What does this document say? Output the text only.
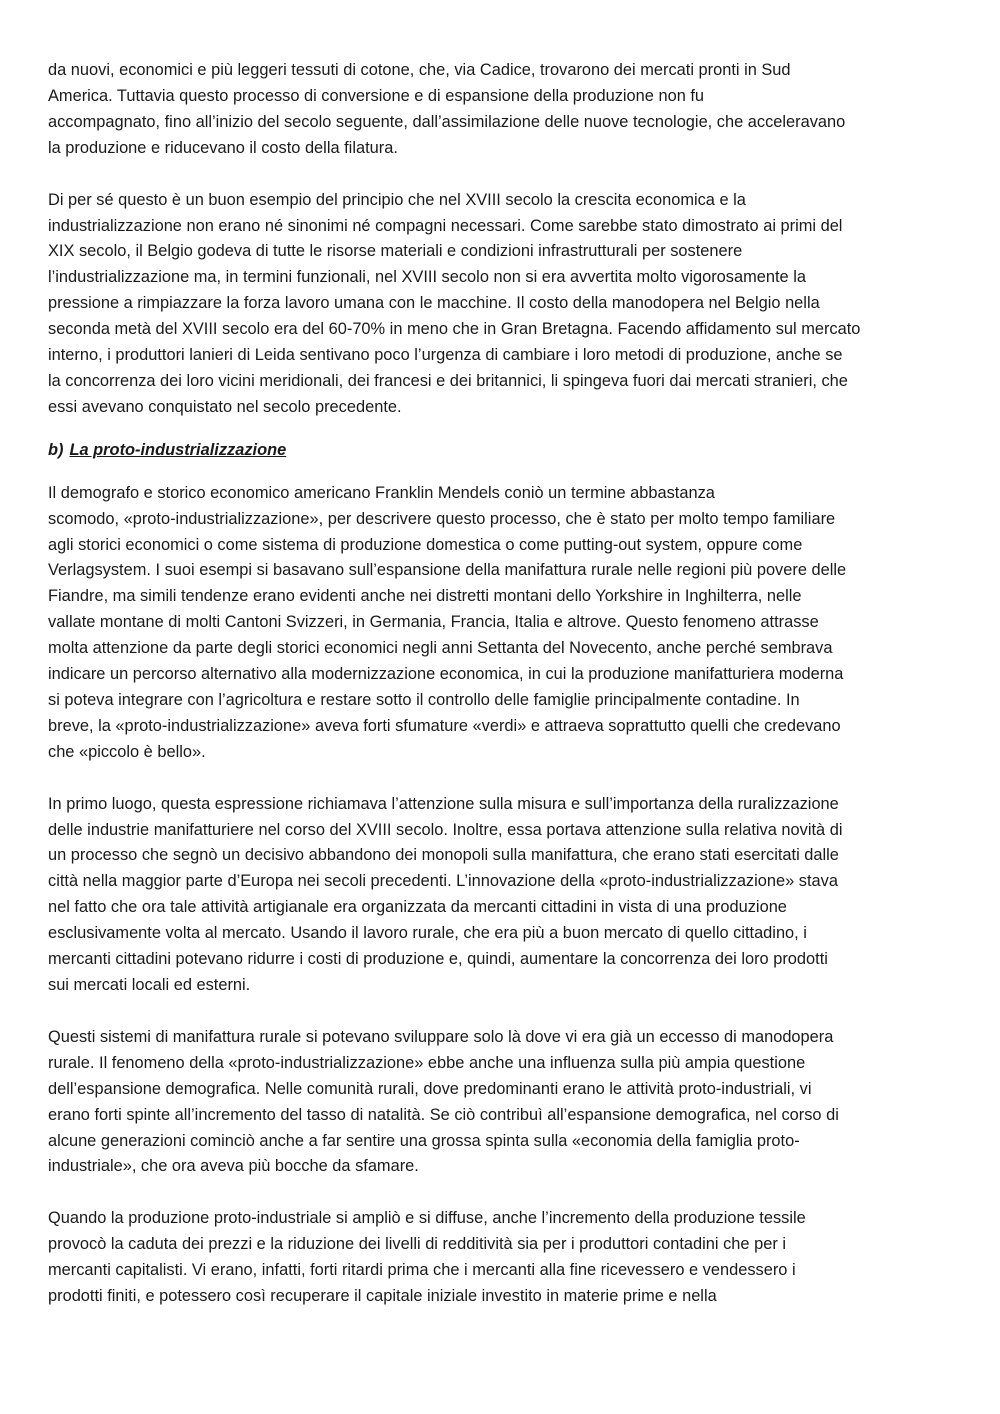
da nuovi, economici e più leggeri tessuti di cotone, che, via Cadice, trovarono dei mercati pronti in Sud
America. Tuttavia questo processo di conversione e di espansione della produzione non fu
accompagnato, fino all’inizio del secolo seguente, dall’assimilazione delle nuove tecnologie, che acceleravano
la produzione e riducevano il costo della filatura.

Di per sé questo è un buon esempio del principio che nel XVIII secolo la crescita economica e la
industrializzazione non erano né sinonimi né compagni necessari. Come sarebbe stato dimostrato ai primi del
XIX secolo, il Belgio godeva di tutte le risorse materiali e condizioni infrastrutturali per sostenere
l’industrializzazione ma, in termini funzionali, nel XVIII secolo non si era avvertita molto vigorosamente la
pressione a rimpiazzare la forza lavoro umana con le macchine. Il costo della manodopera nel Belgio nella
seconda metà del XVIII secolo era del 60-70% in meno che in Gran Bretagna. Facendo affidamento sul mercato
interno, i produttori lanieri di Leida sentivano poco l’urgenza di cambiare i loro metodi di produzione, anche se
la concorrenza dei loro vicini meridionali, dei francesi e dei britannici, li spingeva fuori dai mercati stranieri, che
essi avevano conquistato nel secolo precedente.

b) La proto-industrializzazione

Il demografo e storico economico americano Franklin Mendels coniò un termine abbastanza
scomodo, «proto-industrializzazione», per descrivere questo processo, che è stato per molto tempo familiare
agli storici economici o come sistema di produzione domestica o come putting-out system, oppure come
Verlagsystem. I suoi esempi si basavano sull’espansione della manifattura rurale nelle regioni più povere delle
Fiandre, ma simili tendenze erano evidenti anche nei distretti montani dello Yorkshire in Inghilterra, nelle
vallate montane di molti Cantoni Svizzeri, in Germania, Francia, Italia e altrove. Questo fenomeno attrasse
molta attenzione da parte degli storici economici negli anni Settanta del Novecento, anche perché sembrava
indicare un percorso alternativo alla modernizzazione economica, in cui la produzione manifatturiera moderna
si poteva integrare con l’agricoltura e restare sotto il controllo delle famiglie principalmente contadine. In
breve, la «proto-industrializzazione» aveva forti sfumature «verdi» e attraeva soprattutto quelli che credevano
che «piccolo è bello».

In primo luogo, questa espressione richiamava l’attenzione sulla misura e sull’importanza della ruralizzazione
delle industrie manifatturiere nel corso del XVIII secolo. Inoltre, essa portava attenzione sulla relativa novità di
un processo che segnò un decisivo abbandono dei monopoli sulla manifattura, che erano stati esercitati dalle
città nella maggior parte d’Europa nei secoli precedenti. L’innovazione della «proto-industrializzazione» stava
nel fatto che ora tale attività artigianale era organizzata da mercanti cittadini in vista di una produzione
esclusivamente volta al mercato. Usando il lavoro rurale, che era più a buon mercato di quello cittadino, i
mercanti cittadini potevano ridurre i costi di produzione e, quindi, aumentare la concorrenza dei loro prodotti
sui mercati locali ed esterni.

Questi sistemi di manifattura rurale si potevano sviluppare solo là dove vi era già un eccesso di manodopera
rurale. Il fenomeno della «proto-industrializzazione» ebbe anche una influenza sulla più ampia questione
dell’espansione demografica. Nelle comunità rurali, dove predominanti erano le attività proto-industriali, vi
erano forti spinte all’incremento del tasso di natalità. Se ciò contribuì all’espansione demografica, nel corso di
alcune generazioni cominciò anche a far sentire una grossa spinta sulla «economia della famiglia proto-
industriale», che ora aveva più bocche da sfamare.

Quando la produzione proto-industriale si ampliò e si diffuse, anche l’incremento della produzione tessile
provocò la caduta dei prezzi e la riduzione dei livelli di redditività sia per i produttori contadini che per i
mercanti capitalisti. Vi erano, infatti, forti ritardi prima che i mercanti alla fine ricevessero e vendessero i
prodotti finiti, e potessero così recuperare il capitale iniziale investito in materie prime e nella
